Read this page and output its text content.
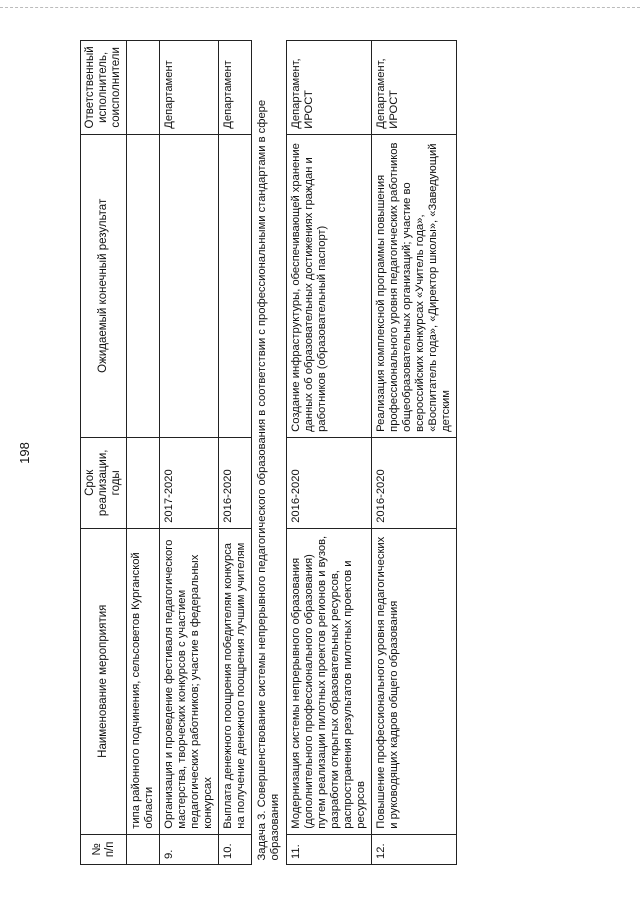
198
№ п/п	Наименование мероприятия	Срок реализации, годы	Ожидаемый конечный результат	Ответственный исполнитель, соисполнители
	типа районного подчинения, сельсоветов Курганской области			
9.	Организация и проведение фестиваля педагогического мастерства, творческих конкурсов с участием педагогических работников; участие в федеральных конкурсах	2017-2020		Департамент
10.	Выплата денежного поощрения победителям конкурса на получение денежного поощрения лучшим учителям	2016-2020		Департамент
Задача 3. Совершенствование системы непрерывного педагогического образования в соответствии с профессиональными стандартами в сфере образования				
11.	Модернизация системы непрерывного образования (дополнительного профессионального образования) путем реализации пилотных проектов регионов и вузов, разработки открытых образовательных ресурсов, распространения результатов пилотных проектов и ресурсов	2016-2020	Создание инфраструктуры, обеспечивающей хранение данных об образовательных достижениях граждан и работников (образовательный паспорт)	Департамент, ИРОСТ
12.	Повышение профессионального уровня педагогических и руководящих кадров общего образования	2016-2020	Реализация комплексной программы повышения профессионального уровня педагогических работников общеобразовательных организаций; участие во всероссийских конкурсах «Учитель года», «Воспитатель года», «Директор школы», «Заведующий детским	Департамент, ИРОСТ
